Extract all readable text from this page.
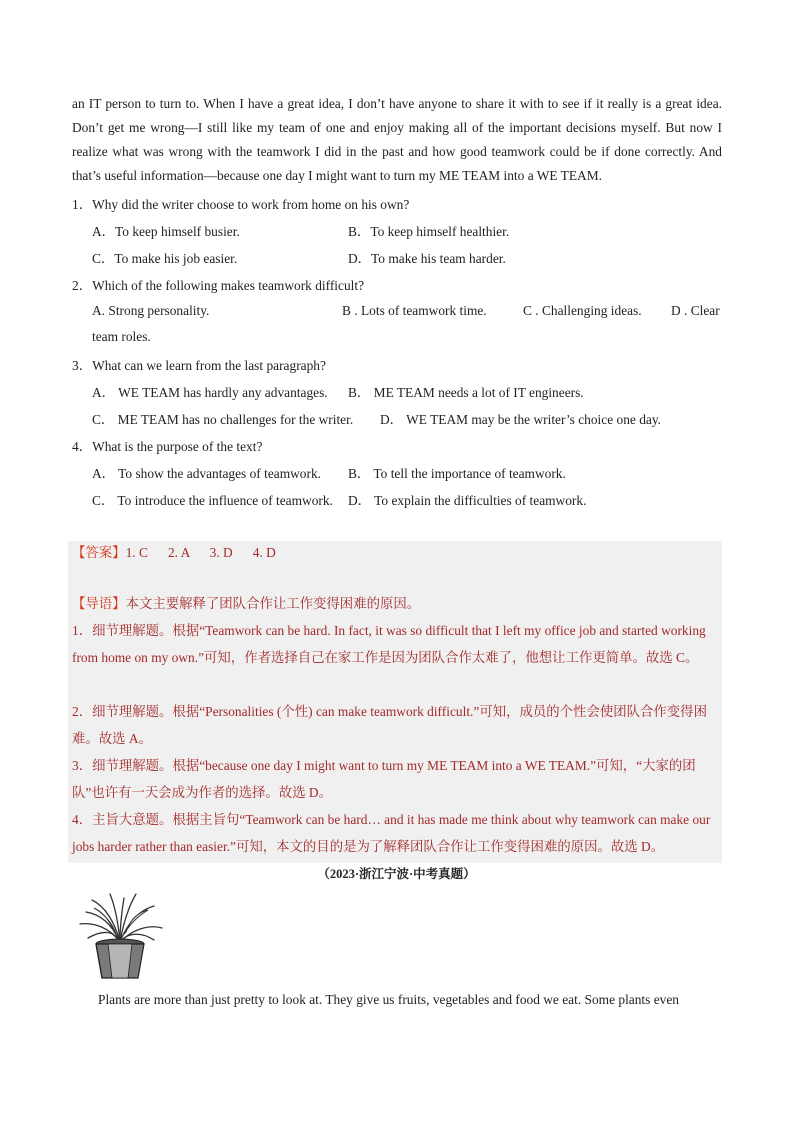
an IT person to turn to. When I have a great idea, I don’t have anyone to share it with to see if it really is a great idea. Don’t get me wrong—I still like my team of one and enjoy making all of the important decisions myself. But now I realize what was wrong with the teamwork I did in the past and how good teamwork could be if done correctly. And that’s useful information—because one day I might want to turn my ME TEAM into a WE TEAM.

1．Why did the writer choose to work from home on his own?

A．To keep himself busier.	B．To keep himself healthier.

C．To make his job easier.	D．To make his team harder.

2．Which of the following makes teamwork difficult?

A. Strong personality.	B . Lots of teamwork time.	C . Challenging ideas. D . Clear

team roles.

3．What can we learn from the last paragraph?

A． WE TEAM has hardly any advantages. B． ME TEAM needs a lot of IT engineers.

C． ME TEAM has no challenges for the writer. D． WE TEAM may be the writer’s choice one day.

4．What is the purpose of the text?

A． To show the advantages of teamwork. B． To tell the importance of teamwork.

C． To introduce the influence of teamwork. D． To explain the difficulties of teamwork.

【答案】1. C      2. A      3. D      4. D

【导语】本文主要解释了团队合作让工作变得困难的原因。

1．细节理解题。根据“Teamwork can be hard. In fact, it was so difficult that I left my office job and started working from home on my own.”可知，作者选择自己在家工作是因为团队合作太难了，他想让工作更简单。故选 C。

2．细节理解题。根据“Personalities (个性) can make teamwork difficult.”可知，成员的个性会使团队合作变得困难。故选 A。

3．细节理解题。根据“because one day I might want to turn my ME TEAM into a WE TEAM.”可知，“大家的团队”也许有一天会成为作者的选择。故选 D。

4．主旨大意题。根据主旨句“Teamwork can be hard… and it has made me think about why teamwork can make our jobs harder rather than easier.”可知，本文的目的是为了解释团队合作让工作变得困难的原因。故选 D。

（2023·浙江宁波·中考真题）

Plants are more than just pretty to look at. They give us fruits, vegetables and food we eat. Some plants even
